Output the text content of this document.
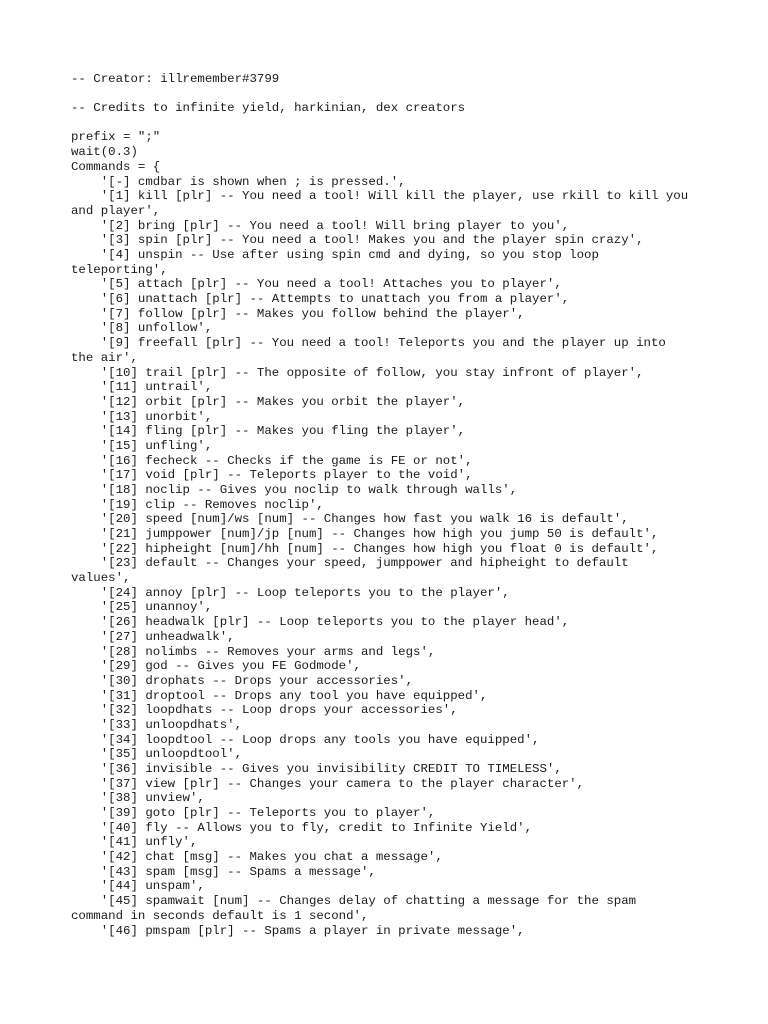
-- Creator: illremember#3799
-- Credits to infinite yield, harkinian, dex creators
prefix = ";"
wait(0.3)
Commands = {
'[-] cmdbar is shown when ; is pressed.',
'[1] kill [plr] -- You need a tool! Will kill the player, use rkill to kill you
and player',
'[2] bring [plr] -- You need a tool! Will bring player to you',
'[3] spin [plr] -- You need a tool! Makes you and the player spin crazy',
'[4] unspin -- Use after using spin cmd and dying, so you stop loop
teleporting',
'[5] attach [plr] -- You need a tool! Attaches you to player',
'[6] unattach [plr] -- Attempts to unattach you from a player',
'[7] follow [plr] -- Makes you follow behind the player',
'[8] unfollow',
'[9] freefall [plr] -- You need a tool! Teleports you and the player up into
the air',
'[10] trail [plr] -- The opposite of follow, you stay infront of player',
'[11] untrail',
'[12] orbit [plr] -- Makes you orbit the player',
'[13] unorbit',
'[14] fling [plr] -- Makes you fling the player',
'[15] unfling',
'[16] fecheck -- Checks if the game is FE or not',
'[17] void [plr] -- Teleports player to the void',
'[18] noclip -- Gives you noclip to walk through walls',
'[19] clip -- Removes noclip',
'[20] speed [num]/ws [num] -- Changes how fast you walk 16 is default',
'[21] jumppower [num]/jp [num] -- Changes how high you jump 50 is default',
'[22] hipheight [num]/hh [num] -- Changes how high you float 0 is default',
'[23] default -- Changes your speed, jumppower and hipheight to default
values',
'[24] annoy [plr] -- Loop teleports you to the player',
'[25] unannoy',
'[26] headwalk [plr] -- Loop teleports you to the player head',
'[27] unheadwalk',
'[28] nolimbs -- Removes your arms and legs',
'[29] god -- Gives you FE Godmode',
'[30] drophats -- Drops your accessories',
'[31] droptool -- Drops any tool you have equipped',
'[32] loopdhats -- Loop drops your accessories',
'[33] unloopdhats',
'[34] loopdtool -- Loop drops any tools you have equipped',
'[35] unloopdtool',
'[36] invisible -- Gives you invisibility CREDIT TO TIMELESS',
'[37] view [plr] -- Changes your camera to the player character',
'[38] unview',
'[39] goto [plr] -- Teleports you to player',
'[40] fly -- Allows you to fly, credit to Infinite Yield',
'[41] unfly',
'[42] chat [msg] -- Makes you chat a message',
'[43] spam [msg] -- Spams a message',
'[44] unspam',
'[45] spamwait [num] -- Changes delay of chatting a message for the spam
command in seconds default is 1 second',
'[46] pmspam [plr] -- Spams a player in private message',
